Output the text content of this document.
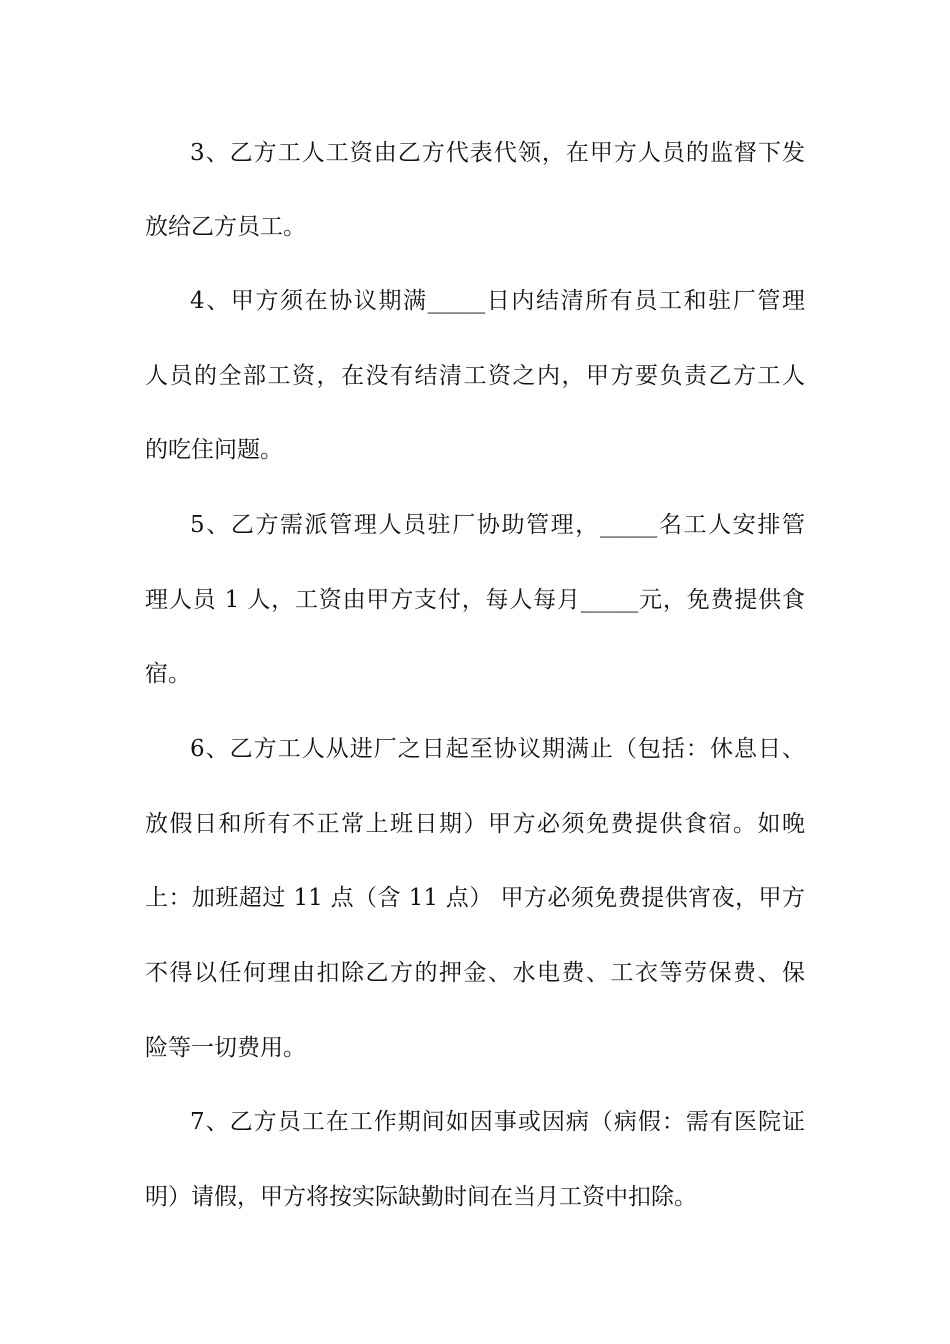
3、乙方工人工资由乙方代表代领，在甲方人员的监督下发
放给乙方员工。
4、甲方须在协议期满_____日内结清所有员工和驻厂管理
人员的全部工资，在没有结清工资之内，甲方要负责乙方工人
的吃住问题。
5、乙方需派管理人员驻厂协助管理，_____名工人安排管
理人员 1 人，工资由甲方支付，每人每月_____元，免费提供食
宿。
6、乙方工人从进厂之日起至协议期满止（包括：休息日、
放假日和所有不正常上班日期）甲方必须免费提供食宿。如晚
上：加班超过 11 点（含 11 点） 甲方必须免费提供宵夜，甲方
不得以任何理由扣除乙方的押金、水电费、工衣等劳保费、保
险等一切费用。
7、乙方员工在工作期间如因事或因病（病假：需有医院证
明）请假，甲方将按实际缺勤时间在当月工资中扣除。
